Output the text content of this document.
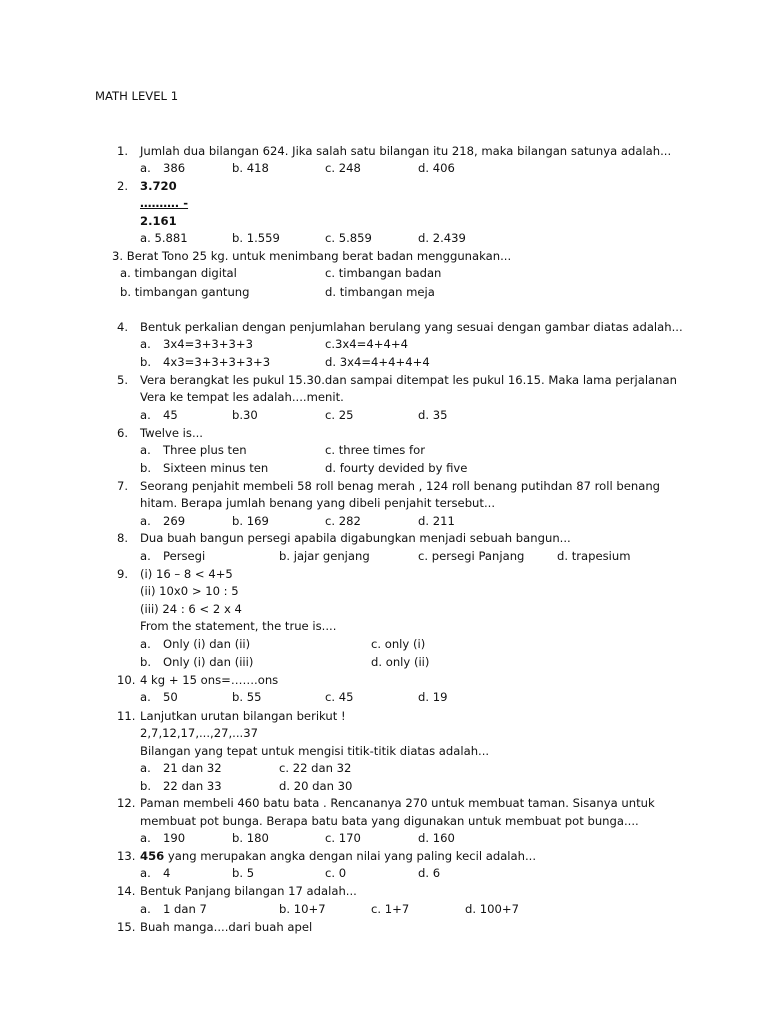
MATH LEVEL 1
1.	Jumlah dua bilangan 624. Jika salah satu bilangan itu 218, maka bilangan satunya adalah...
a. 386	b. 418	c. 248	d. 406
2.	3.720
………. -
2.161
a. 5.881	b. 1.559	c. 5.859	d. 2.439
3. Berat Tono 25 kg. untuk menimbang berat badan menggunakan...
a. timbangan digital	c. timbangan badan
b. timbangan gantung	d. timbangan meja
4.	Bentuk perkalian dengan penjumlahan berulang yang sesuai dengan gambar diatas adalah...
a. 3x4=3+3+3+3	c.3x4=4+4+4
b. 4x3=3+3+3+3+3	d. 3x4=4+4+4+4
5.	Vera berangkat les pukul 15.30.dan sampai ditempat les pukul 16.15. Maka lama perjalanan
Vera ke tempat les adalah....menit.
a. 45	b.30	c. 25	d. 35
6.	Twelve is...
a. Three plus ten	c. three times for
b. Sixteen minus ten	d. fourty devided by five
7.	Seorang penjahit membeli 58 roll benag merah , 124 roll benang putihdan 87 roll benang
hitam. Berapa jumlah benang yang dibeli penjahit tersebut...
a. 269	b. 169	c. 282	d. 211
8.	Dua buah bangun persegi apabila digabungkan menjadi sebuah bangun...
a. Persegi	b. jajar genjang	c. persegi Panjang	d. trapesium
9.	(i) 16 – 8 < 4+5
(ii) 10x0 > 10 : 5
(iii) 24 : 6 < 2 x 4
From the statement, the true is....
a. Only (i) dan (ii)	c. only (i)
b. Only (i) dan (iii)	d. only (ii)
10. 4 kg + 15 ons=…….ons
a. 50	b. 55	c. 45	d. 19
11. Lanjutkan urutan bilangan berikut !
2,7,12,17,...,27,...37
Bilangan yang tepat untuk mengisi titik-titik diatas adalah...
a. 21 dan 32	c. 22 dan 32
b. 22 dan 33	d. 20 dan 30
12. Paman membeli 460 batu bata . Rencananya 270 untuk membuat taman. Sisanya untuk
membuat pot bunga. Berapa batu bata yang digunakan untuk membuat pot bunga....
a. 190	b. 180	c. 170	d. 160
13. 456 yang merupakan angka dengan nilai yang paling kecil adalah...
a. 4	b. 5	c. 0	d. 6
14. Bentuk Panjang bilangan 17 adalah...
a. 1 dan 7	b. 10+7	c. 1+7	d. 100+7
15. Buah manga....dari buah apel
